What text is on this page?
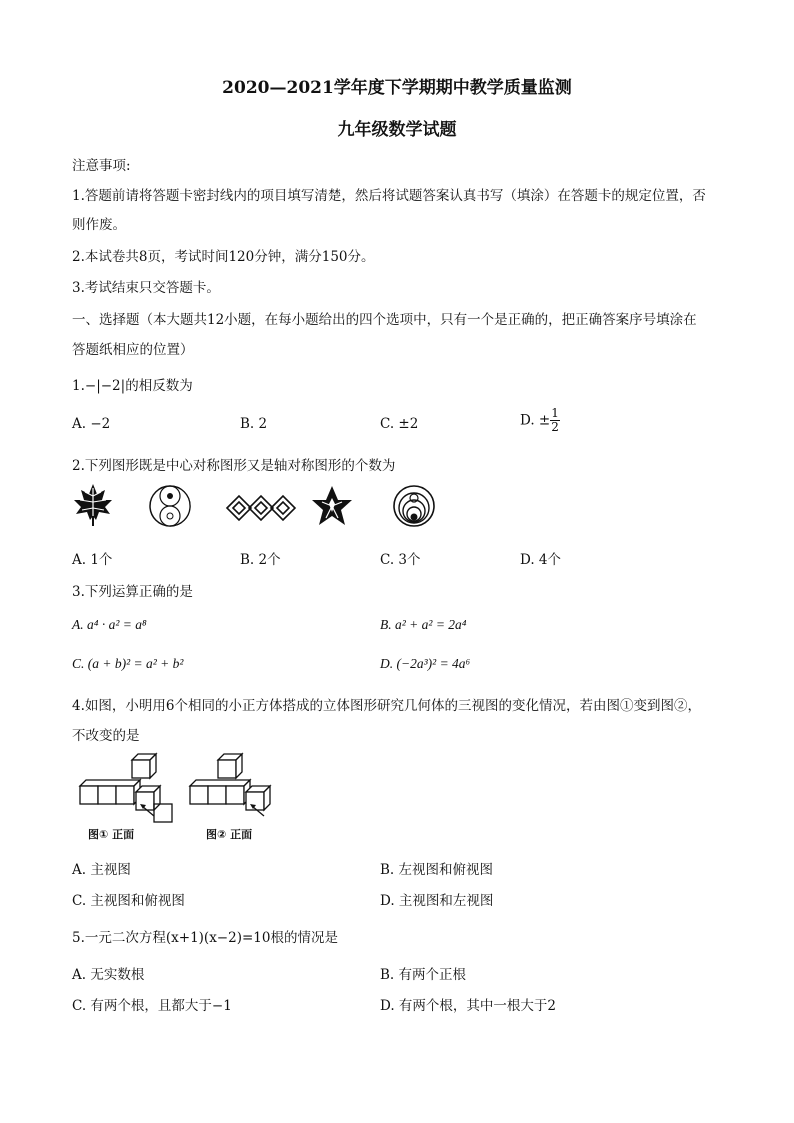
2020—2021学年度下学期期中教学质量监测
九年级数学试题
注意事项:
1.答题前请将答题卡密封线内的项目填写清楚，然后将试题答案认真书写（填涂）在答题卡的规定位置，否
则作废。
2.本试卷共8页，考试时间120分钟，满分150分。
3.考试结束只交答题卡。
一、选择题（本大题共12小题，在每小题给出的四个选项中，只有一个是正确的，把正确答案序号填涂在
答题纸相应的位置）
1.−|−2|的相反数为
A. −2	B. 2	C. ±2	D. ± $\frac{1}{2}$
2.下列图形既是中心对称图形又是轴对称图形的个数为
A. 1个	B. 2个	C. 3个	D. 4个
3.下列运算正确的是
A. a⁴ · a² = a⁸	B. a² + a² = 2a⁴
C. (a + b)² = a² + b²	D. (−2a³)² = 4a⁶
4.如图，小明用6个相同的小正方体搭成的立体图形研究几何体的三视图的变化情况，若由图①变到图②，
不改变的是
图① 正面	图② 正面
A. 主视图	B. 左视图和俯视图
C. 主视图和俯视图	D. 主视图和左视图
5.一元二次方程(x+1)(x−2)=10根的情况是
A. 无实数根	B. 有两个正根
C. 有两个根，且都大于−1	D. 有两个根，其中一根大于2
